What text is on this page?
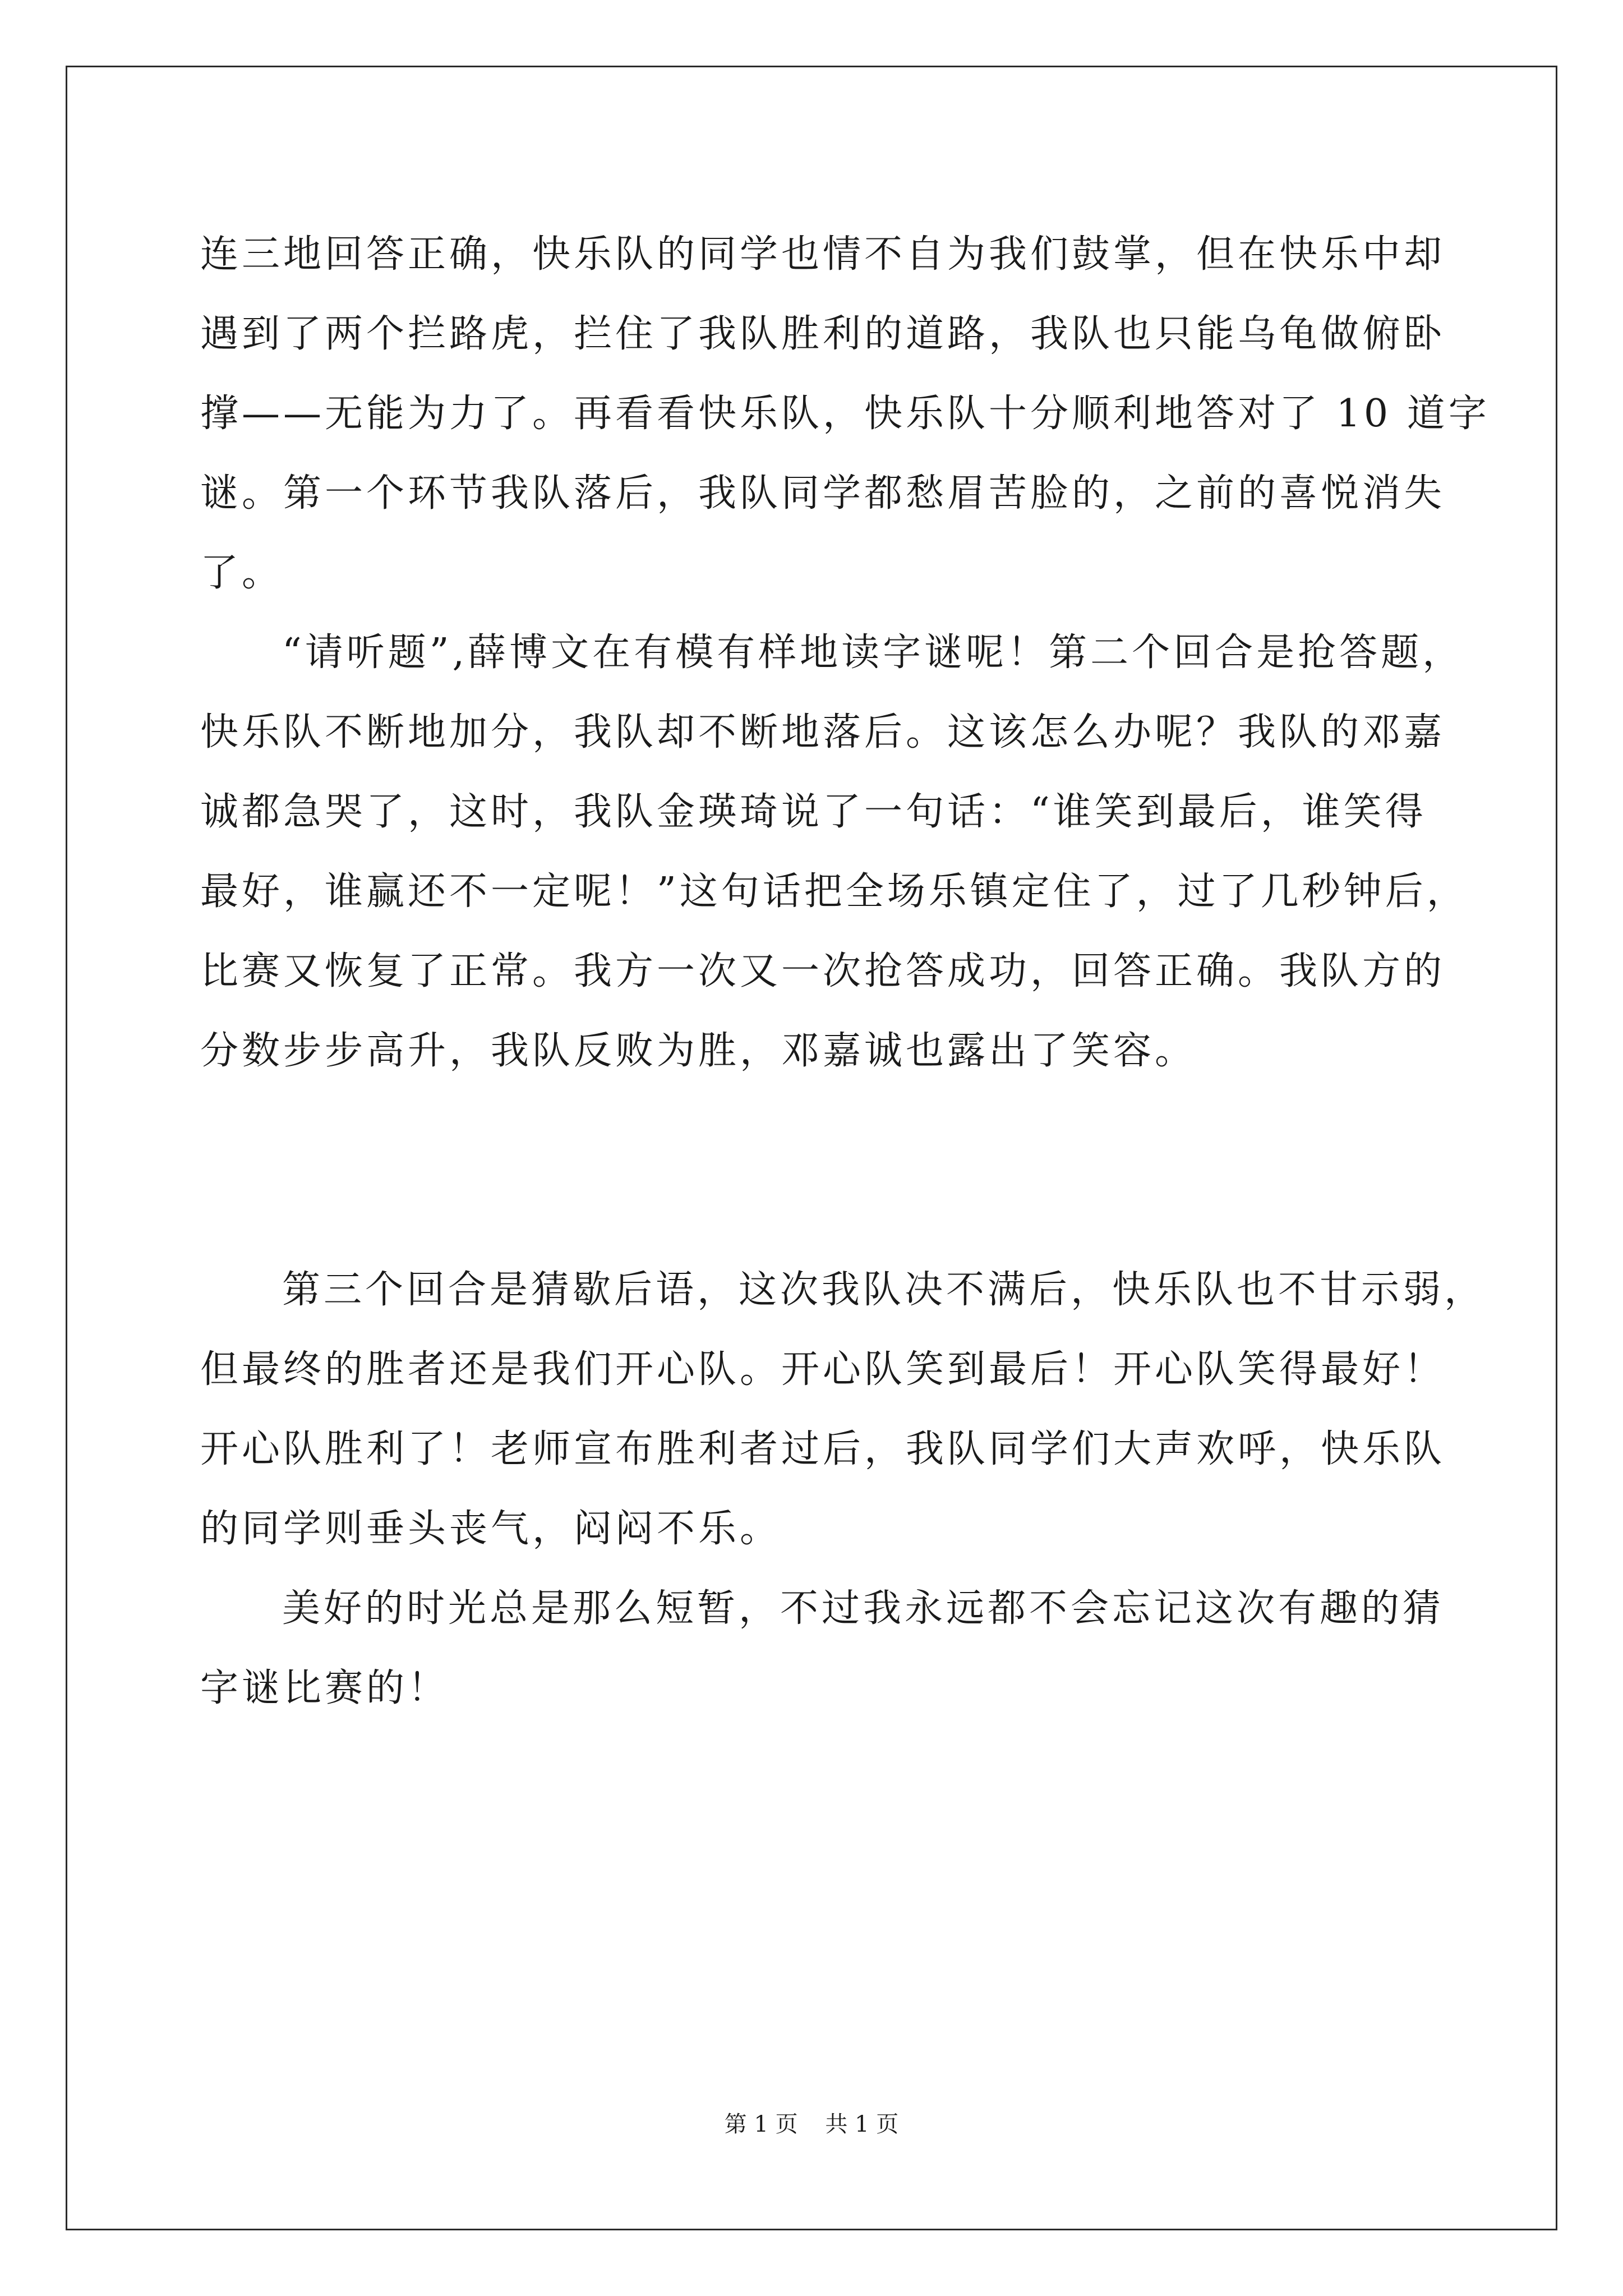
连三地回答正确，快乐队的同学也情不自为我们鼓掌，但在快乐中却
遇到了两个拦路虎，拦住了我队胜利的道路，我队也只能乌龟做俯卧
撑——无能为力了。再看看快乐队，快乐队十分顺利地答对了 10 道字
谜。第一个环节我队落后，我队同学都愁眉苦脸的，之前的喜悦消失
了。

“请听题”,薛博文在有模有样地读字谜呢！第二个回合是抢答题，
快乐队不断地加分，我队却不断地落后。这该怎么办呢？我队的邓嘉
诚都急哭了，这时，我队金瑛琦说了一句话：“谁笑到最后，谁笑得
最好，谁赢还不一定呢！”这句话把全场乐镇定住了，过了几秒钟后，
比赛又恢复了正常。我方一次又一次抢答成功，回答正确。我队方的
分数步步高升，我队反败为胜，邓嘉诚也露出了笑容。

第三个回合是猜歇后语，这次我队决不满后，快乐队也不甘示弱，
但最终的胜者还是我们开心队。开心队笑到最后！开心队笑得最好！
开心队胜利了！老师宣布胜利者过后，我队同学们大声欢呼，快乐队
的同学则垂头丧气，闷闷不乐。

美好的时光总是那么短暂，不过我永远都不会忘记这次有趣的猜
字谜比赛的！

第 1 页 共 1 页
